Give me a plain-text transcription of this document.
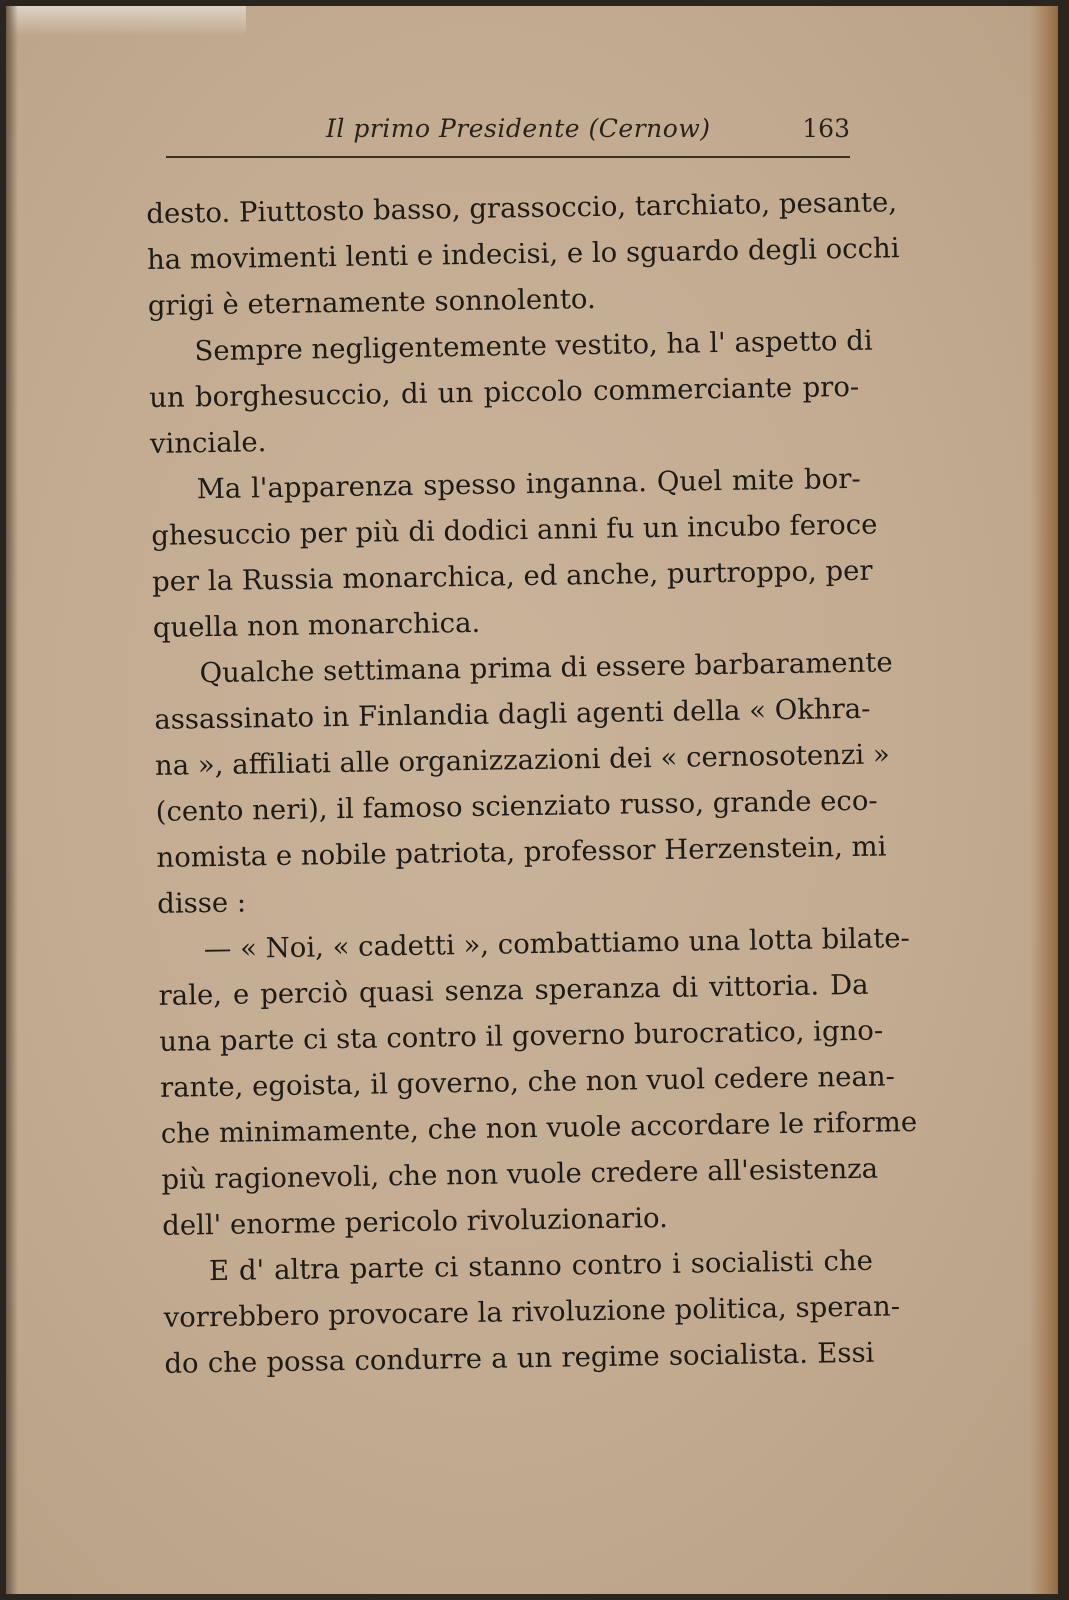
Il primo Presidente (Cernow)	163
desto. Piuttosto basso, grassoccio, tarchiato, pesante,
ha movimenti lenti e indecisi, e lo sguardo degli occhi
grigi è eternamente sonnolento.
Sempre negligentemente vestito, ha l' aspetto di
un borghesuccio, di un piccolo commerciante pro-
vinciale.
Ma l'apparenza spesso inganna. Quel mite bor-
ghesuccio per più di dodici anni fu un incubo feroce
per la Russia monarchica, ed anche, purtroppo, per
quella non monarchica.
Qualche settimana prima di essere barbaramente
assassinato in Finlandia dagli agenti della « Okhra-
na », affiliati alle organizzazioni dei « cernosotenzi »
(cento neri), il famoso scienziato russo, grande eco-
nomista e nobile patriota, professor Herzenstein, mi
disse :
— « Noi, « cadetti », combattiamo una lotta bilate-
rale, e perciò quasi senza speranza di vittoria. Da
una parte ci sta contro il governo burocratico, igno-
rante, egoista, il governo, che non vuol cedere nean-
che minimamente, che non vuole accordare le riforme
più ragionevoli, che non vuole credere all'esistenza
dell' enorme pericolo rivoluzionario.
E d' altra parte ci stanno contro i socialisti che
vorrebbero provocare la rivoluzione politica, speran-
do che possa condurre a un regime socialista. Essi
